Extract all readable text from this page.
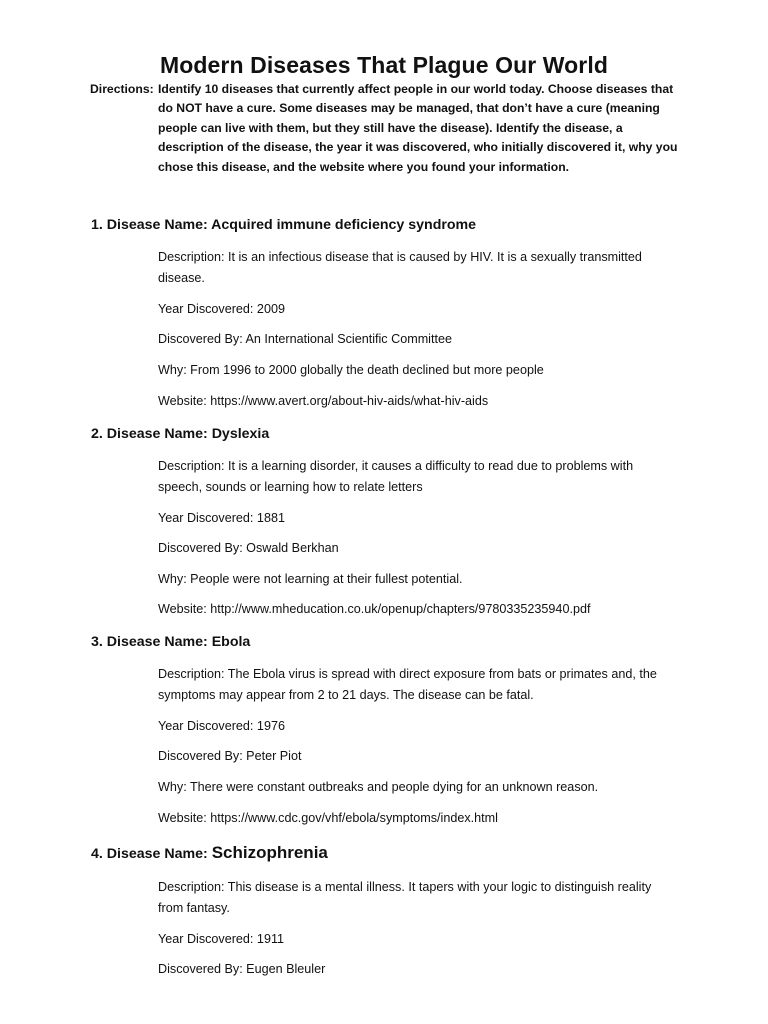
Modern Diseases That Plague Our World
Directions: Identify 10 diseases that currently affect people in our world today. Choose diseases that do NOT have a cure. Some diseases may be managed, that don’t have a cure (meaning people can live with them, but they still have the disease). Identify the disease, a description of the disease, the year it was discovered, who initially discovered it, why you chose this disease, and the website where you found your information.
1. Disease Name: Acquired immune deficiency syndrome
Description: It is an infectious disease that is caused by HIV. It is a sexually transmitted disease.
Year Discovered: 2009
Discovered By: An International Scientific Committee
Why: From 1996 to 2000 globally the death declined but more people
Website: https://www.avert.org/about-hiv-aids/what-hiv-aids
2. Disease Name: Dyslexia
Description: It is a learning disorder, it causes a difficulty to read due to problems with speech, sounds or learning how to relate letters
Year Discovered: 1881
Discovered By: Oswald Berkhan
Why: People were not learning at their fullest potential.
Website: http://www.mheducation.co.uk/openup/chapters/9780335235940.pdf
3. Disease Name: Ebola
Description: The Ebola virus is spread with direct exposure from bats or primates and, the symptoms may appear from 2 to 21 days. The disease can be fatal.
Year Discovered: 1976
Discovered By: Peter Piot
Why: There were constant outbreaks and people dying for an unknown reason.
Website: https://www.cdc.gov/vhf/ebola/symptoms/index.html
4. Disease Name: Schizophrenia
Description: This disease is a mental illness. It tapers with your logic to distinguish reality from fantasy.
Year Discovered: 1911
Discovered By: Eugen Bleuler
